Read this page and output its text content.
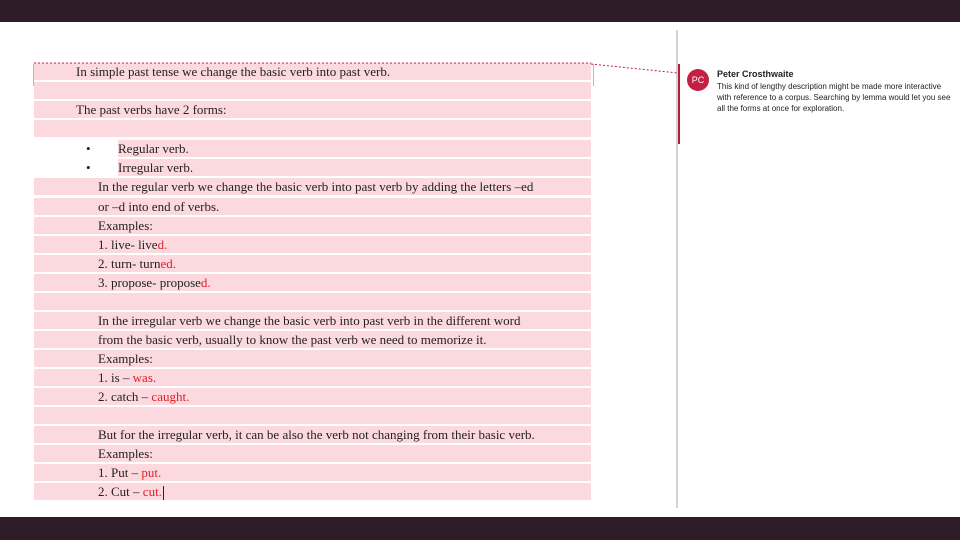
In simple past tense we change the basic verb into past verb.
The past verbs have 2 forms:
• Regular verb.
• Irregular verb.
In the regular verb we change the basic verb into past verb by adding the letters –ed
or –d into end of verbs.
Examples:
1. live- lived.
2. turn- turned.
3. propose- proposed.
In the irregular verb we change the basic verb into past verb in the different word
from the basic verb, usually to know the past verb we need to memorize it.
Examples:
1. is – was.
2. catch – caught.
But for the irregular verb, it can be also the verb not changing from their basic verb.
Examples:
1. Put – put.
2. Cut – cut.
PC
Peter Crosthwaite
This kind of lengthy description might be made more interactive with reference to a corpus. Searching by lemma would let you see all the forms at once for exploration.
